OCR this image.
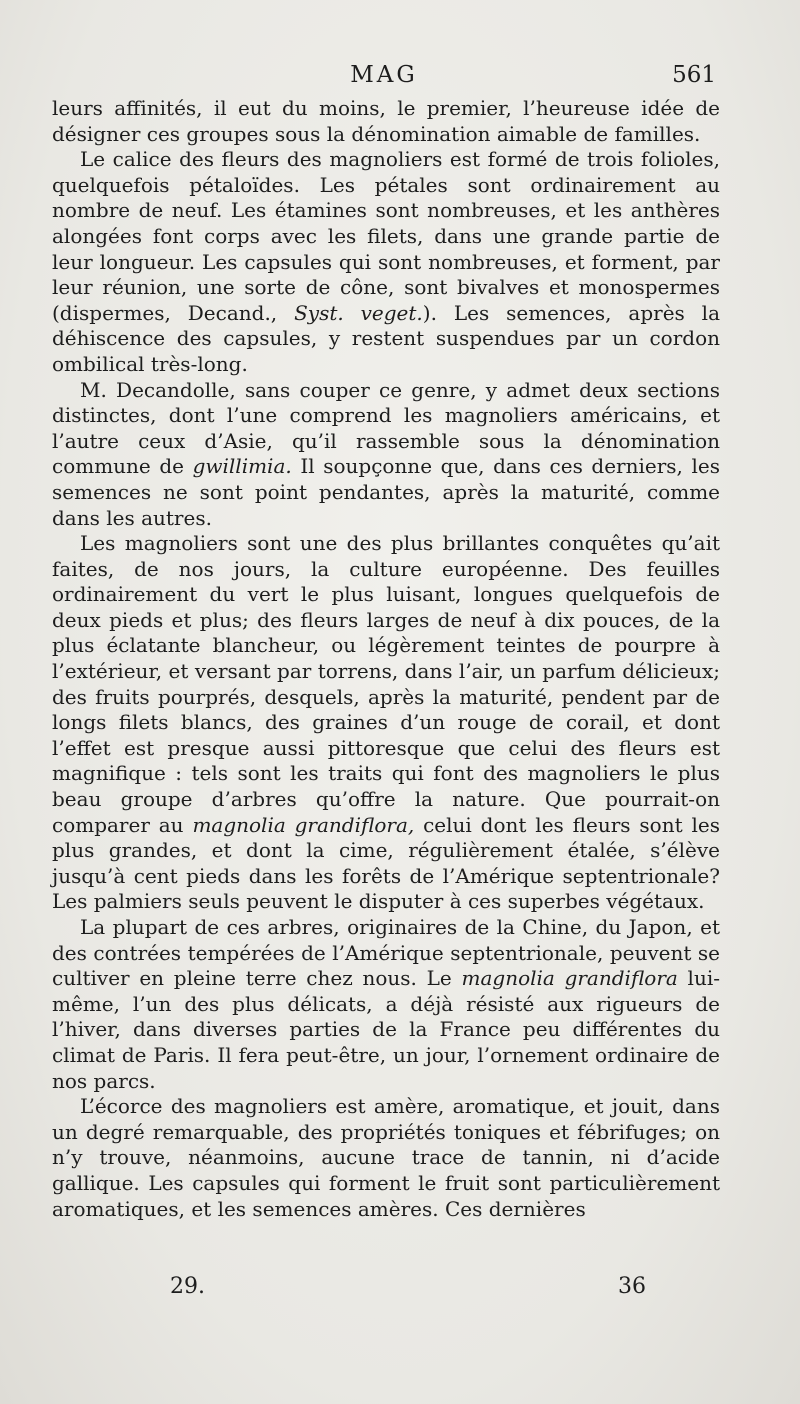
MAG	561

leurs affinités, il eut du moins, le premier, l’heureuse idée de désigner ces groupes sous la dénomination aimable de familles.

Le calice des fleurs des magnoliers est formé de trois folioles, quelquefois pétaloïdes. Les pétales sont ordinairement au nombre de neuf. Les étamines sont nombreuses, et les anthères alongées font corps avec les filets, dans une grande partie de leur longueur. Les capsules qui sont nombreuses, et forment, par leur réunion, une sorte de cône, sont bivalves et monospermes (dispermes, Decand., Syst. veget.). Les semences, après la déhiscence des capsules, y restent suspendues par un cordon ombilical très-long.

M. Decandolle, sans couper ce genre, y admet deux sections distinctes, dont l’une comprend les magnoliers américains, et l’autre ceux d’Asie, qu’il rassemble sous la dénomination commune de gwillimia. Il soupçonne que, dans ces derniers, les semences ne sont point pendantes, après la maturité, comme dans les autres.

Les magnoliers sont une des plus brillantes conquêtes qu’ait faites, de nos jours, la culture européenne. Des feuilles ordinairement du vert le plus luisant, longues quelquefois de deux pieds et plus; des fleurs larges de neuf à dix pouces, de la plus éclatante blancheur, ou légèrement teintes de pourpre à l’extérieur, et versant par torrens, dans l’air, un parfum délicieux; des fruits pourprés, desquels, après la maturité, pendent par de longs filets blancs, des graines d’un rouge de corail, et dont l’effet est presque aussi pittoresque que celui des fleurs est magnifique : tels sont les traits qui font des magnoliers le plus beau groupe d’arbres qu’offre la nature. Que pourrait-on comparer au magnolia grandiflora, celui dont les fleurs sont les plus grandes, et dont la cime, régulièrement étalée, s’élève jusqu’à cent pieds dans les forêts de l’Amérique septentrionale? Les palmiers seuls peuvent le disputer à ces superbes végétaux.

La plupart de ces arbres, originaires de la Chine, du Japon, et des contrées tempérées de l’Amérique septentrionale, peuvent se cultiver en pleine terre chez nous. Le magnolia grandiflora lui-même, l’un des plus délicats, a déjà résisté aux rigueurs de l’hiver, dans diverses parties de la France peu différentes du climat de Paris. Il fera peut-être, un jour, l’ornement ordinaire de nos parcs.

L’écorce des magnoliers est amère, aromatique, et jouit, dans un degré remarquable, des propriétés toniques et fébrifuges; on n’y trouve, néanmoins, aucune trace de tannin, ni d’acide gallique. Les capsules qui forment le fruit sont particulièrement aromatiques, et les semences amères. Ces dernières

29.	36
